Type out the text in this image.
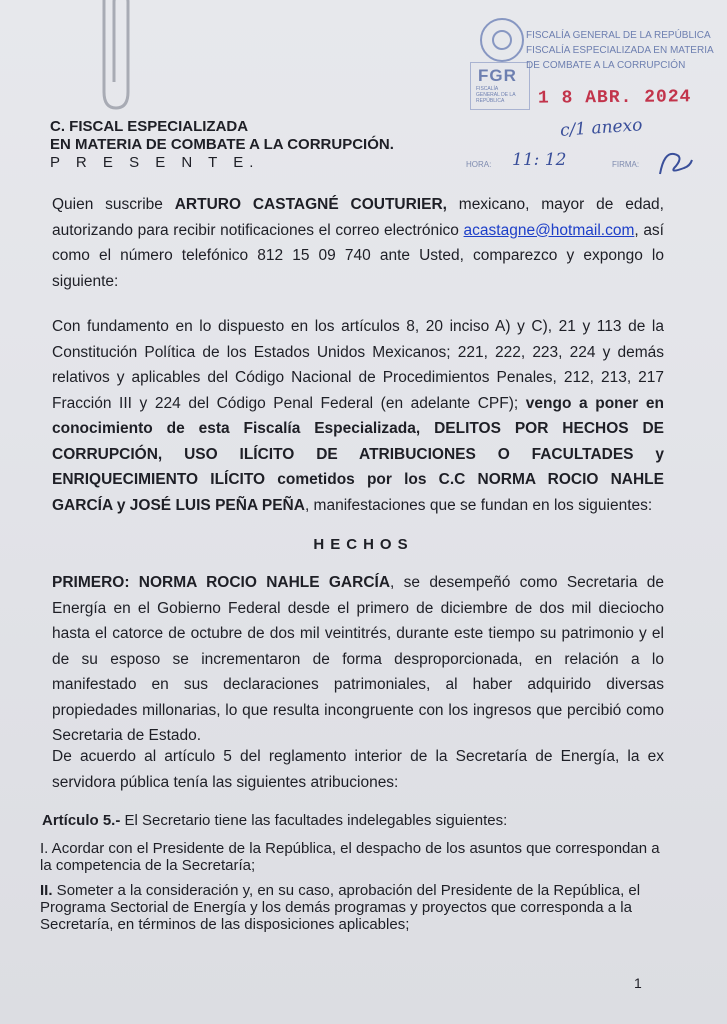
FGR
FISCALÍA GENERAL DE LA REPÚBLICA
FISCALÍA GENERAL DE LA REPÚBLICA
FISCALÍA ESPECIALIZADA EN MATERIA
DE COMBATE A LA CORRUPCIÓN
1 8 ABR. 2024
c/1 anexo
HORA: 11: 12	FIRMA:
C. FISCAL ESPECIALIZADA
EN MATERIA DE COMBATE A LA CORRUPCIÓN.
P R E S E N T E.
Quien suscribe ARTURO CASTAGNÉ COUTURIER, mexicano, mayor de edad, autorizando para recibir notificaciones el correo electrónico acastagne@hotmail.com, así como el número telefónico 812 15 09 740 ante Usted, comparezco y expongo lo siguiente:
Con fundamento en lo dispuesto en los artículos 8, 20 inciso A) y C), 21 y 113 de la Constitución Política de los Estados Unidos Mexicanos; 221, 222, 223, 224 y demás relativos y aplicables del Código Nacional de Procedimientos Penales, 212, 213, 217 Fracción III y 224 del Código Penal Federal (en adelante CPF); vengo a poner en conocimiento de esta Fiscalía Especializada, DELITOS POR HECHOS DE CORRUPCIÓN, USO ILÍCITO DE ATRIBUCIONES O FACULTADES y ENRIQUECIMIENTO ILÍCITO cometidos por los C.C NORMA ROCIO NAHLE GARCÍA y JOSÉ LUIS PEÑA PEÑA, manifestaciones que se fundan en los siguientes:
HECHOS
PRIMERO: NORMA ROCIO NAHLE GARCÍA, se desempeñó como Secretaria de Energía en el Gobierno Federal desde el primero de diciembre de dos mil dieciocho hasta el catorce de octubre de dos mil veintitrés, durante este tiempo su patrimonio y el de su esposo se incrementaron de forma desproporcionada, en relación a lo manifestado en sus declaraciones patrimoniales, al haber adquirido diversas propiedades millonarias, lo que resulta incongruente con los ingresos que percibió como Secretaria de Estado.
De acuerdo al artículo 5 del reglamento interior de la Secretaría de Energía, la ex servidora pública tenía las siguientes atribuciones:
Artículo 5.- El Secretario tiene las facultades indelegables siguientes:
I. Acordar con el Presidente de la República, el despacho de los asuntos que correspondan a la competencia de la Secretaría;
II. Someter a la consideración y, en su caso, aprobación del Presidente de la República, el Programa Sectorial de Energía y los demás programas y proyectos que corresponda a la Secretaría, en términos de las disposiciones aplicables;
1
